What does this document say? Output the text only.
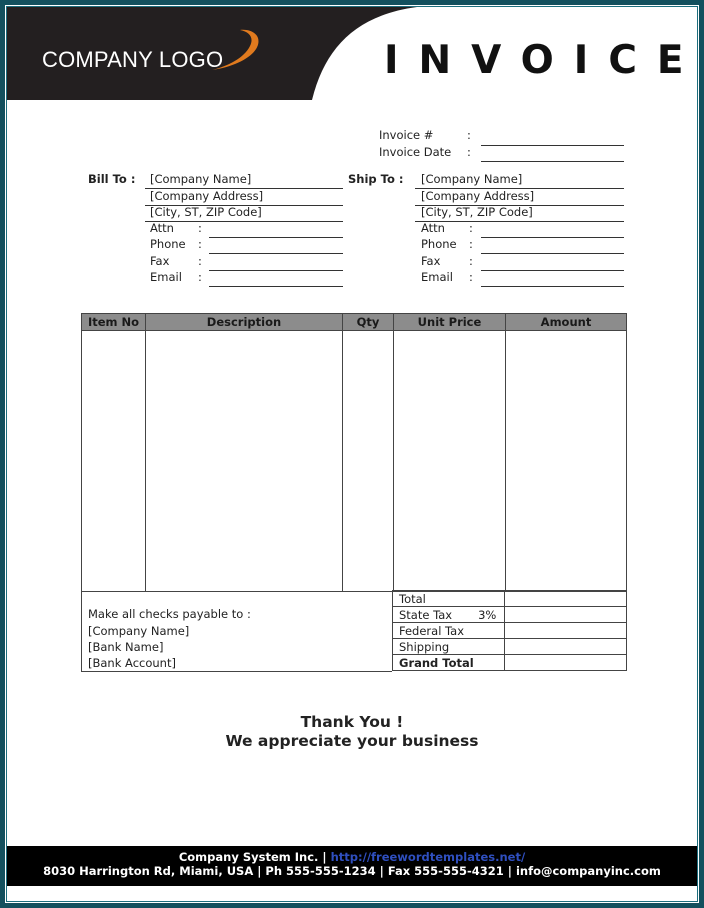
COMPANY LOGO	INVOICE
Invoice #	:
Invoice Date :
Bill To : [Company Name]
[Company Address]
[City, ST, ZIP Code]
Attn :
Phone :
Fax :
Email :
Ship To : [Company Name]
[Company Address]
[City, ST, ZIP Code]
Attn :
Phone :
Fax :
Email :
Item No	Description	Qty	Unit Price	Amount

Make all checks payable to :
[Company Name]
[Bank Name]
[Bank Account]
Total	
State Tax 3%	
Federal Tax	
Shipping	
Grand Total	
Thank You !
We appreciate your business
Company System Inc. | http://freewordtemplates.net/
8030 Harrington Rd, Miami, USA | Ph 555-555-1234 | Fax 555-555-4321 | info@companyinc.com
